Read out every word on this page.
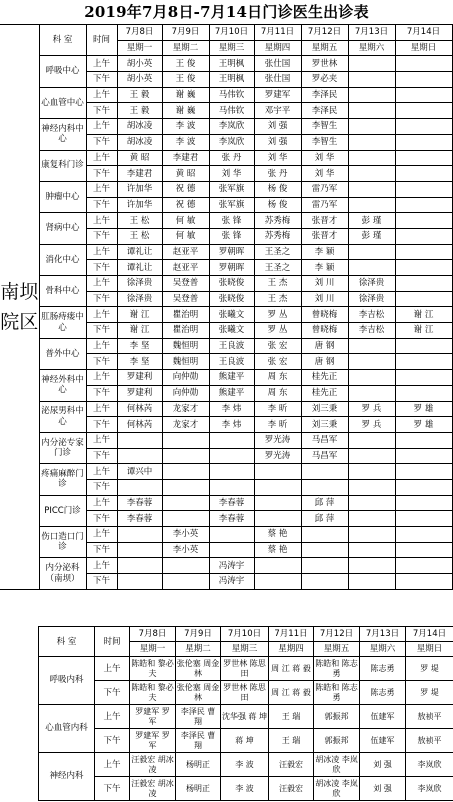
2019年7月8日-7月14日门诊医生出诊表
南坝院区	科 室	时间	7月8日	7月9日	7月10日	7月11日	7月12日	7月13日	7月14日
			星期一	星期二	星期三	星期四	星期五	星期六	星期日
	呼吸中心	上午	胡小英	王 俊	王明枫	张仕国	罗世林		
		下午	胡小英	王 俊	王明枫	张仕国	罗必夹		
	心血管中心	上午	王 毅	谢 巍	马伟钦	罗建军	李泽民		
		下午	王 毅	谢 巍	马伟钦	邓宇平	李泽民		
	神经内科中心	上午	胡冰凌	李 波	李岚欣	刘 强	李智生		
		下午	胡冰凌	李 波	李岚欣	刘 强	李智生		
	康复科门诊	上午	黄 昭	李建君	张 丹	刘 华	刘 华		
		下午	李建君	黄 昭	刘 华	张 丹	刘 华		
	肿瘤中心	上午	许加华	祝 德	张军旗	杨 俊	雷乃军		
		下午	许加华	祝 德	张军旗	杨 俊	雷乃军		
	肾病中心	上午	王 松	何 敏	张 锋	苏秀梅	张晋才	彭 瑾	
		下午	王 松	何 敏	张 锋	苏秀梅	张晋才	彭 瑾	
	消化中心	上午	谭礼让	赵亚平	罗朝晖	王圣之	李 颖		
		下午	谭礼让	赵亚平	罗朝晖	王圣之	李 颖		
	骨科中心	上午	徐泽贵	吴登普	张晓俊	王 杰	刘 川	徐泽贵	
		下午	徐泽贵	吴登普	张晓俊	王 杰	刘 川	徐泽贵	
	肛肠痔瘘中心	上午	谢 江	瞿治明	张曦文	罗 丛	曾晓梅	李吉松	谢 江
		下午	谢 江	瞿治明	张曦文	罗 丛	曾晓梅	李吉松	谢 江
	普外中心	上午	李 坚	魏恒明	王良波	张 宏	唐 钢		
		下午	李 坚	魏恒明	王良波	张 宏	唐 钢		
	神经外科中心	上午	罗建利	向仲勋	熊建平	周 东	桂先正		
		下午	罗建利	向仲勋	熊建平	周 东	桂先正		
	泌尿男科中心	上午	何林芮	龙家才	李 炜	李 昕	刘三秉	罗 兵	罗 雄
		下午	何林芮	龙家才	李 炜	李 昕	刘三秉	罗 兵	罗 雄
	内分泌专家门诊	上午				罗光涛	马昌军		
		下午				罗光涛	马昌军		
	疼痛麻醉门诊	上午	谭兴中						
		下午							
	PICC门诊	上午	李春蓉		李春蓉		邱 萍		
		下午	李春蓉		李春蓉		邱 萍		
	伤口造口门诊	上午		李小英		蔡 艳			
		下午		李小英		蔡 艳			
	内分泌科（南坝）	上午			冯涛宇				
		下午			冯涛宇				
科 室	时间	7月8日	7月9日	7月10日	7月11日	7月12日	7月13日	7月14日
		星期一	星期二	星期三	星期四	星期五	星期六	星期日
呼吸内科	上午	陈皓和 黎必夫	张伦塞 周金林	罗世林 陈思田	周 江 蒋 毅	陈皓和 陈志勇	陈志勇	罗 堤
	下午	陈皓和 黎必夫	张伦塞 周金林	罗世林 陈思田	周 江 蒋 毅	陈皓和 陈志勇	陈志勇	罗 堤
心血管内科	上午	罗建军 罗 军	李泽民 曹 翔	沈华强 蒋 坤	王 瑞	郭振邦	伍建军	敖祯平
	下午	罗建军 罗 军	李泽民 曹 翔	蒋 坤	王 瑞	郭振邦	伍建军	敖祯平
神经内科	上午	汪毅宏 胡冰凌	杨明正	李 波	汪毅宏	胡冰凌 李岚欣	刘 强	李岚欣
	下午	汪毅宏 胡冰凌	杨明正	李 波	汪毅宏	胡冰凌 李岚欣	刘 强	李岚欣
